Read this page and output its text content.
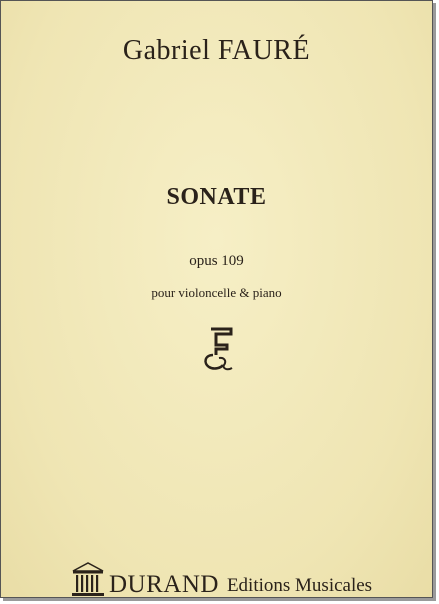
Gabriel FAURÉ
SONATE
opus 109
pour violoncelle & piano
DURAND Editions Musicales
